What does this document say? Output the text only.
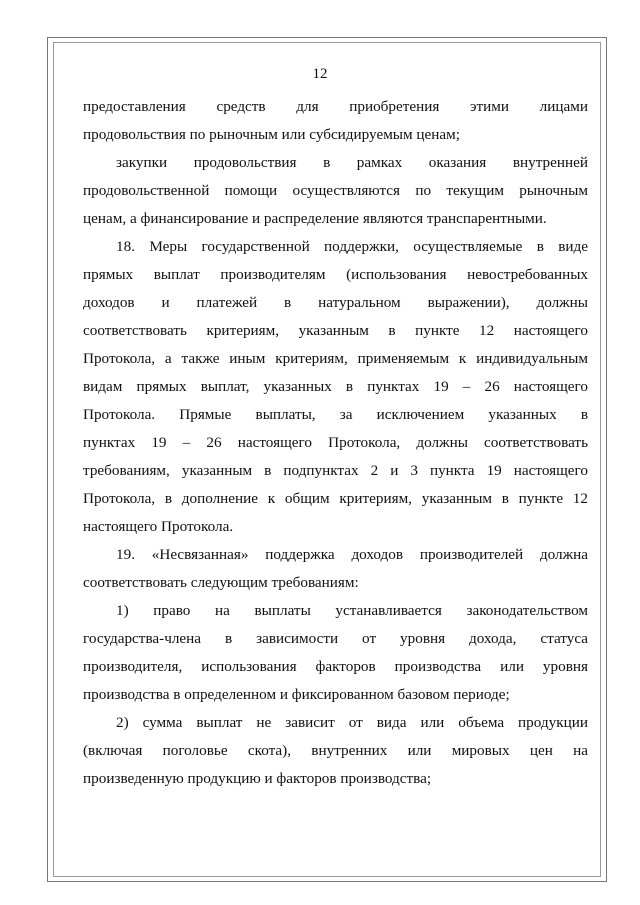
12

предоставления средств для приобретения этими лицами
продовольствия по рыночным или субсидируемым ценам;

закупки продовольствия в рамках оказания внутренней
продовольственной помощи осуществляются по текущим рыночным
ценам, а финансирование и распределение являются транспарентными.

18. Меры государственной поддержки, осуществляемые в виде
прямых выплат производителям (использования невостребованных
доходов и платежей в натуральном выражении), должны
соответствовать критериям, указанным в пункте 12 настоящего
Протокола, а также иным критериям, применяемым к индивидуальным
видам прямых выплат, указанных в пунктах 19 – 26 настоящего
Протокола. Прямые выплаты, за исключением указанных в
пунктах 19 – 26 настоящего Протокола, должны соответствовать
требованиям, указанным в подпунктах 2 и 3 пункта 19 настоящего
Протокола, в дополнение к общим критериям, указанным в пункте 12
настоящего Протокола.

19. «Несвязанная» поддержка доходов производителей должна
соответствовать следующим требованиям:

1) право на выплаты устанавливается законодательством
государства-члена в зависимости от уровня дохода, статуса
производителя, использования факторов производства или уровня
производства в определенном и фиксированном базовом периоде;

2) сумма выплат не зависит от вида или объема продукции
(включая поголовье скота), внутренних или мировых цен на
произведенную продукцию и факторов производства;
